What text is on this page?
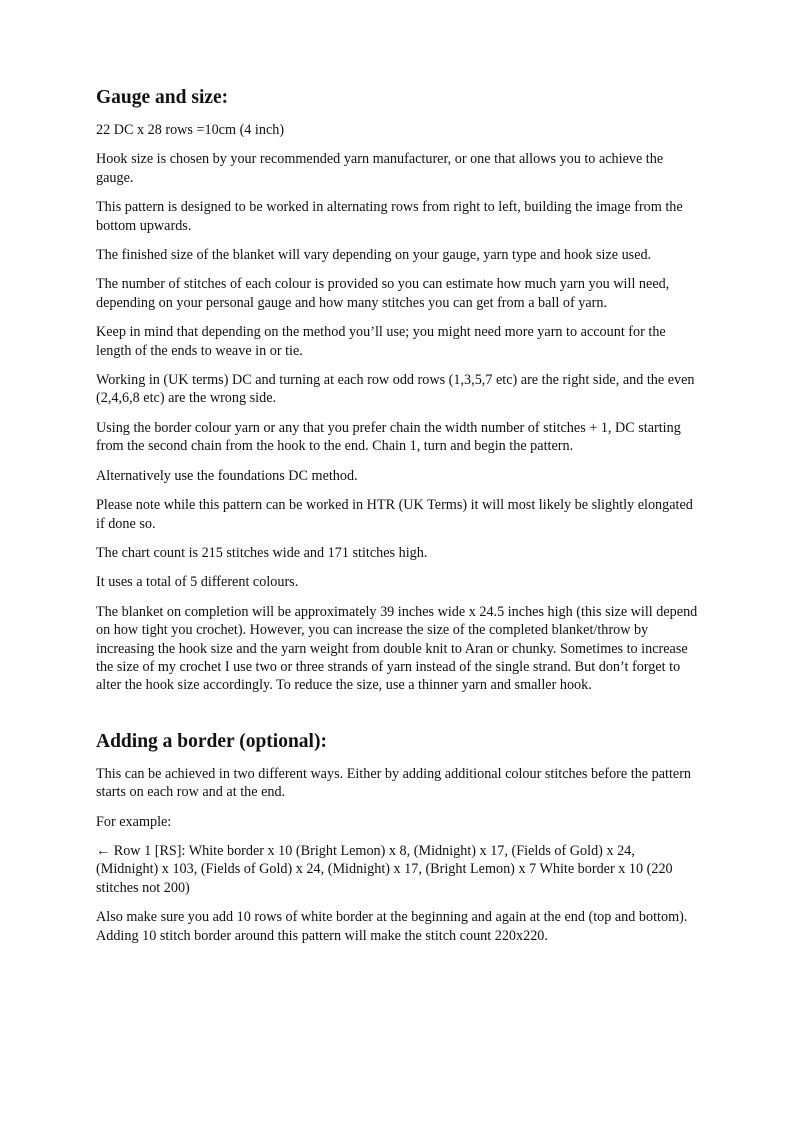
Gauge and size:

22 DC x 28 rows =10cm (4 inch)

Hook size is chosen by your recommended yarn manufacturer, or one that allows you to achieve the gauge.

This pattern is designed to be worked in alternating rows from right to left, building the image from the bottom upwards.

The finished size of the blanket will vary depending on your gauge, yarn type and hook size used.

The number of stitches of each colour is provided so you can estimate how much yarn you will need, depending on your personal gauge and how many stitches you can get from a ball of yarn.

Keep in mind that depending on the method you’ll use; you might need more yarn to account for the length of the ends to weave in or tie.

Working in (UK terms) DC and turning at each row odd rows (1,3,5,7 etc) are the right side, and the even (2,4,6,8 etc) are the wrong side.

Using the border colour yarn or any that you prefer chain the width number of stitches + 1, DC starting from the second chain from the hook to the end. Chain 1, turn and begin the pattern.

Alternatively use the foundations DC method.

Please note while this pattern can be worked in HTR (UK Terms) it will most likely be slightly elongated if done so.

The chart count is 215 stitches wide and 171 stitches high.

It uses a total of 5 different colours.

The blanket on completion will be approximately 39 inches wide x 24.5 inches high (this size will depend on how tight you crochet). However, you can increase the size of the completed blanket/throw by increasing the hook size and the yarn weight from double knit to Aran or chunky. Sometimes to increase the size of my crochet I use two or three strands of yarn instead of the single strand. But don’t forget to alter the hook size accordingly. To reduce the size, use a thinner yarn and smaller hook.

Adding a border (optional):

This can be achieved in two different ways. Either by adding additional colour stitches before the pattern starts on each row and at the end.

For example:

← Row 1 [RS]: White border x 10 (Bright Lemon) x 8, (Midnight) x 17, (Fields of Gold) x 24, (Midnight) x 103, (Fields of Gold) x 24, (Midnight) x 17, (Bright Lemon) x 7 White border x 10 (220 stitches not 200)

Also make sure you add 10 rows of white border at the beginning and again at the end (top and bottom). Adding 10 stitch border around this pattern will make the stitch count 220x220.
